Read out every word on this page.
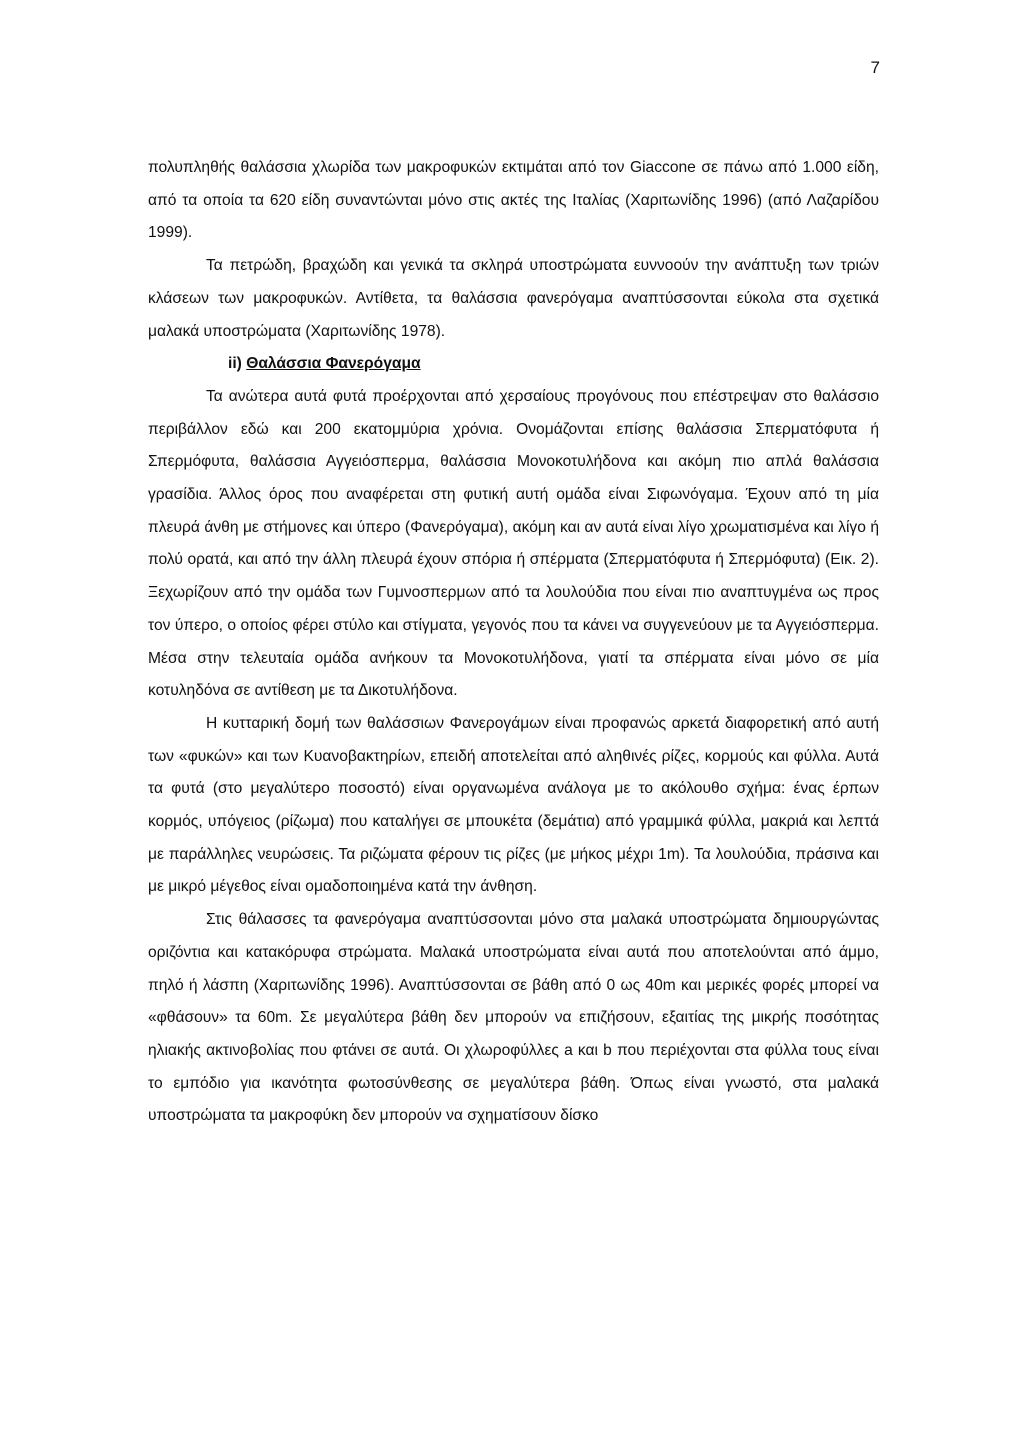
7

πολυπληθής θαλάσσια χλωρίδα των μακροφυκών εκτιμάται από τον Giaccone σε πάνω από 1.000 είδη, από τα οποία τα 620 είδη συναντώνται μόνο στις ακτές της Ιταλίας (Χαριτωνίδης 1996) (από Λαζαρίδου 1999).

Τα πετρώδη, βραχώδη και γενικά τα σκληρά υποστρώματα ευννοούν την ανάπτυξη των τριών κλάσεων των μακροφυκών. Αντίθετα, τα θαλάσσια φανερόγαμα αναπτύσσονται εύκολα στα σχετικά μαλακά υποστρώματα (Χαριτωνίδης 1978).

ii) Θαλάσσια Φανερόγαμα

Τα ανώτερα αυτά φυτά προέρχονται από χερσαίους προγόνους που επέστρεψαν στο θαλάσσιο περιβάλλον εδώ και 200 εκατομμύρια χρόνια. Ονομάζονται επίσης θαλάσσια Σπερματόφυτα ή Σπερμόφυτα, θαλάσσια Αγγειόσπερμα, θαλάσσια Μονοκοτυλήδονα και ακόμη πιο απλά θαλάσσια γρασίδια. Άλλος όρος που αναφέρεται στη φυτική αυτή ομάδα είναι Σιφωνόγαμα. Έχουν από τη μία πλευρά άνθη με στήμονες και ύπερο (Φανερόγαμα), ακόμη και αν αυτά είναι λίγο χρωματισμένα και λίγο ή πολύ ορατά, και από την άλλη πλευρά έχουν σπόρια ή σπέρματα (Σπερματόφυτα ή Σπερμόφυτα) (Εικ. 2). Ξεχωρίζουν από την ομάδα των Γυμνοσπερμων από τα λουλούδια που είναι πιο αναπτυγμένα ως προς τον ύπερο, ο οποίος φέρει στύλο και στίγματα, γεγονός που τα κάνει να συγγενεύουν με τα Αγγειόσπερμα. Μέσα στην τελευταία ομάδα ανήκουν τα Μονοκοτυλήδονα, γιατί τα σπέρματα είναι μόνο σε μία κοτυληδόνα σε αντίθεση με τα Δικοτυλήδονα.

Η κυτταρική δομή των θαλάσσιων Φανερογάμων είναι προφανώς αρκετά διαφορετική από αυτή των «φυκών» και των Κυανοβακτηρίων, επειδή αποτελείται από αληθινές ρίζες, κορμούς και φύλλα. Αυτά τα φυτά (στο μεγαλύτερο ποσοστό) είναι οργανωμένα ανάλογα με το ακόλουθο σχήμα: ένας έρπων κορμός, υπόγειος (ρίζωμα) που καταλήγει σε μπουκέτα (δεμάτια) από γραμμικά φύλλα, μακριά και λεπτά με παράλληλες νευρώσεις. Τα ριζώματα φέρουν τις ρίζες (με μήκος μέχρι 1m). Τα λουλούδια, πράσινα και με μικρό μέγεθος είναι ομαδοποιημένα κατά την άνθηση.

Στις θάλασσες τα φανερόγαμα αναπτύσσονται μόνο στα μαλακά υποστρώματα δημιουργώντας οριζόντια και κατακόρυφα στρώματα. Μαλακά υποστρώματα είναι αυτά που αποτελούνται από άμμο, πηλό ή λάσπη (Χαριτωνίδης 1996). Αναπτύσσονται σε βάθη από 0 ως 40m και μερικές φορές μπορεί να «φθάσουν» τα 60m. Σε μεγαλύτερα βάθη δεν μπορούν να επιζήσουν, εξαιτίας της μικρής ποσότητας ηλιακής ακτινοβολίας που φτάνει σε αυτά. Οι χλωροφύλλες a και b που περιέχονται στα φύλλα τους είναι το εμπόδιο για ικανότητα φωτοσύνθεσης σε μεγαλύτερα βάθη. Όπως είναι γνωστό, στα μαλακά υποστρώματα τα μακροφύκη δεν μπορούν να σχηματίσουν δίσκο
